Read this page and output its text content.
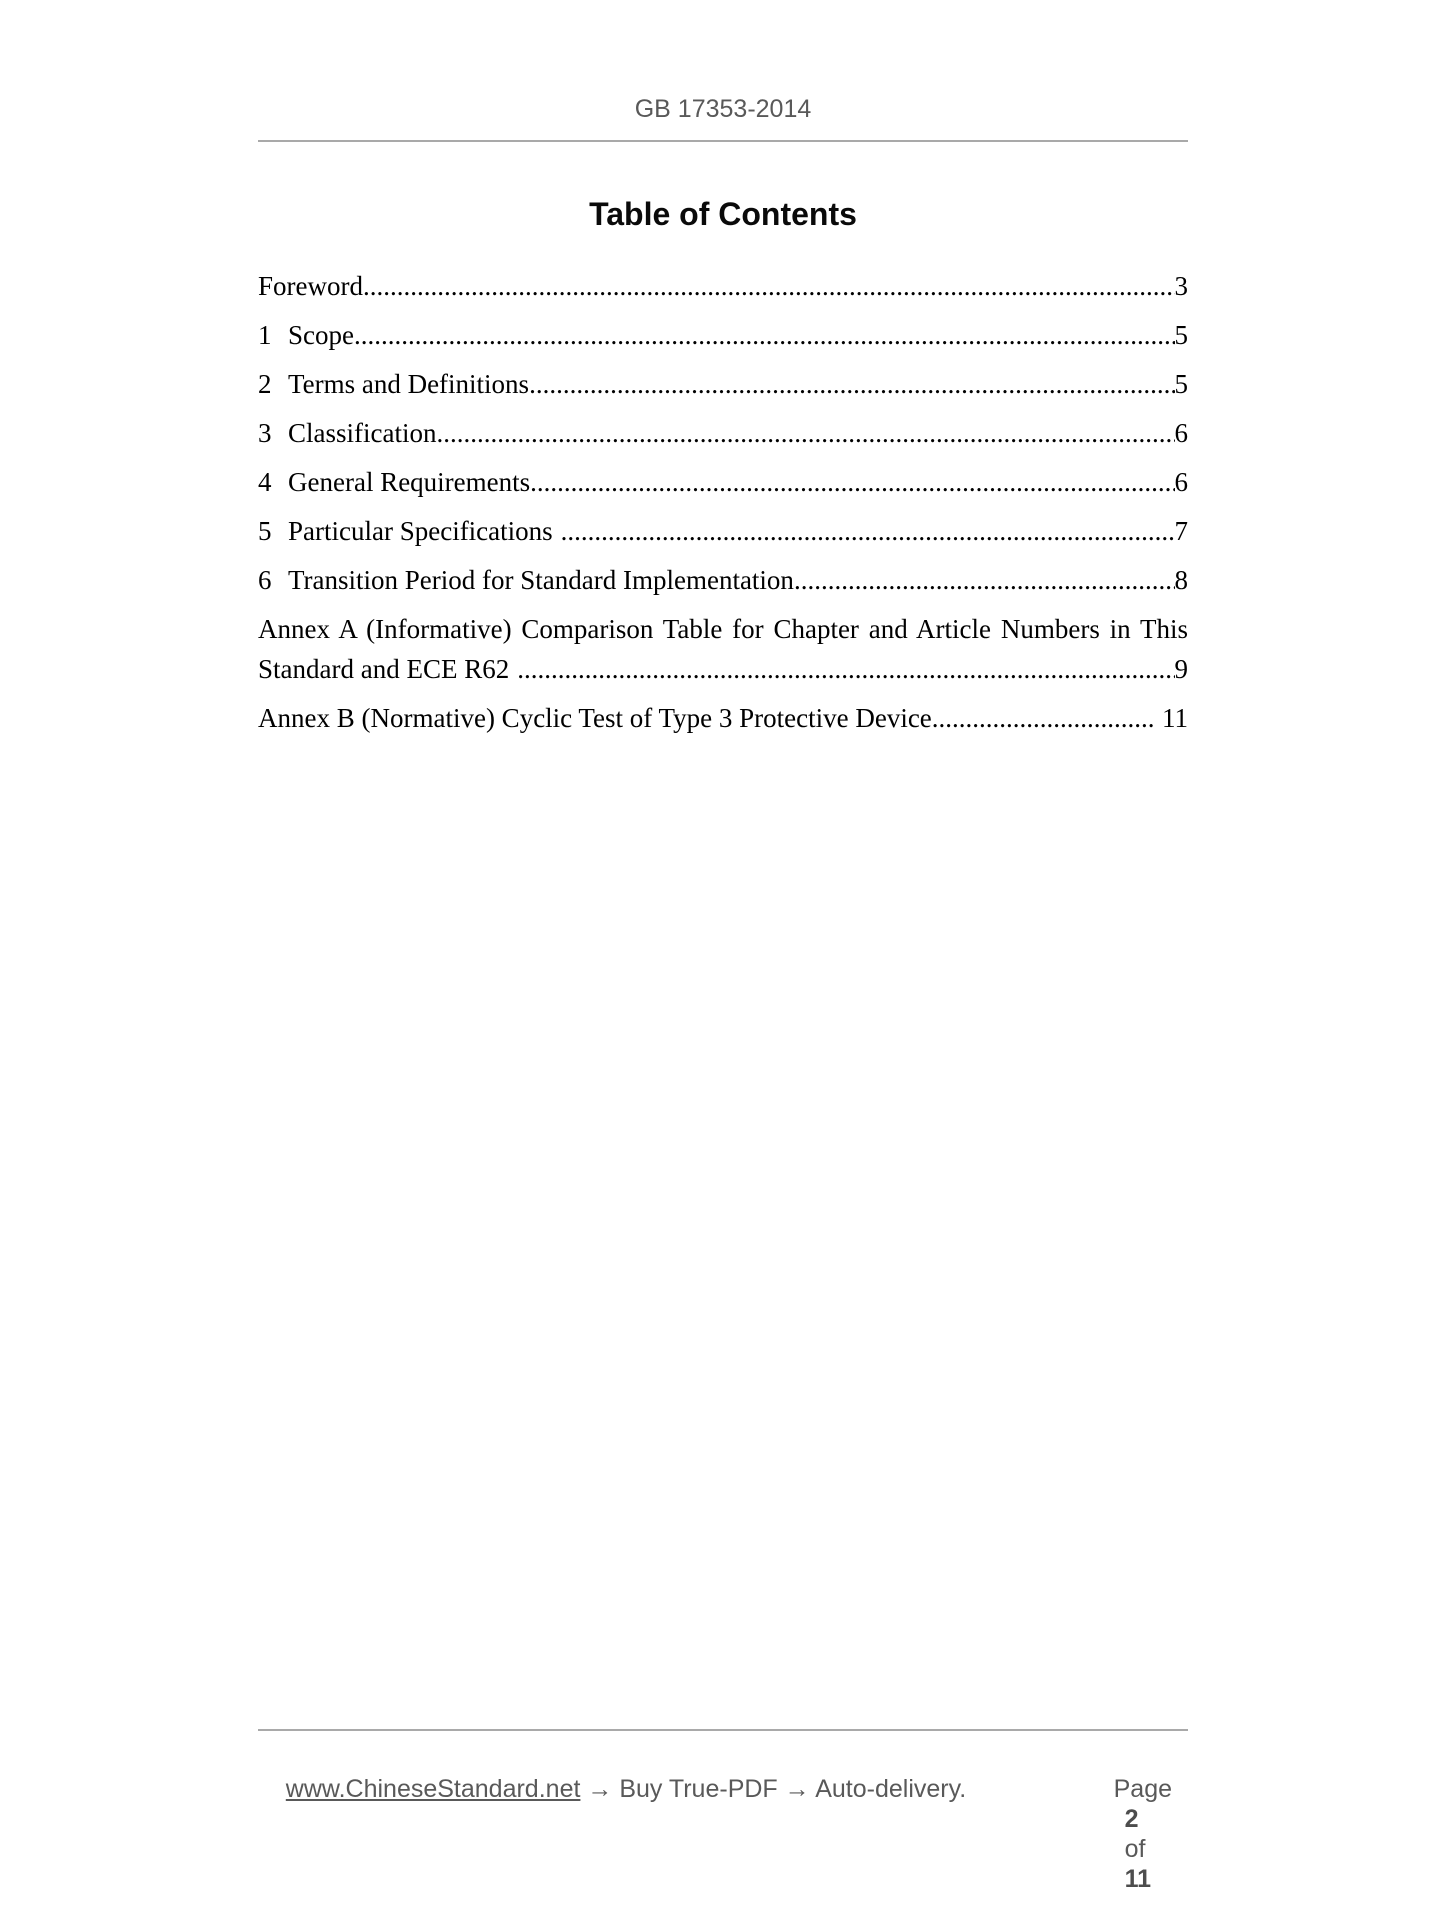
GB 17353-2014
Table of Contents
Foreword .....	3
1 Scope .....	5
2 Terms and Definitions .....	5
3 Classification .....	6
4 General Requirements .....	6
5 Particular Specifications .....	7
6 Transition Period for Standard Implementation .....	8
Annex A (Informative) Comparison Table for Chapter and Article Numbers in This
Standard and ECE R62 .....	9
Annex B (Normative) Cyclic Test of Type 3 Protective Device .....	11

www.ChineseStandard.net → Buy True-PDF → Auto-delivery.
	Page
2
of
11
